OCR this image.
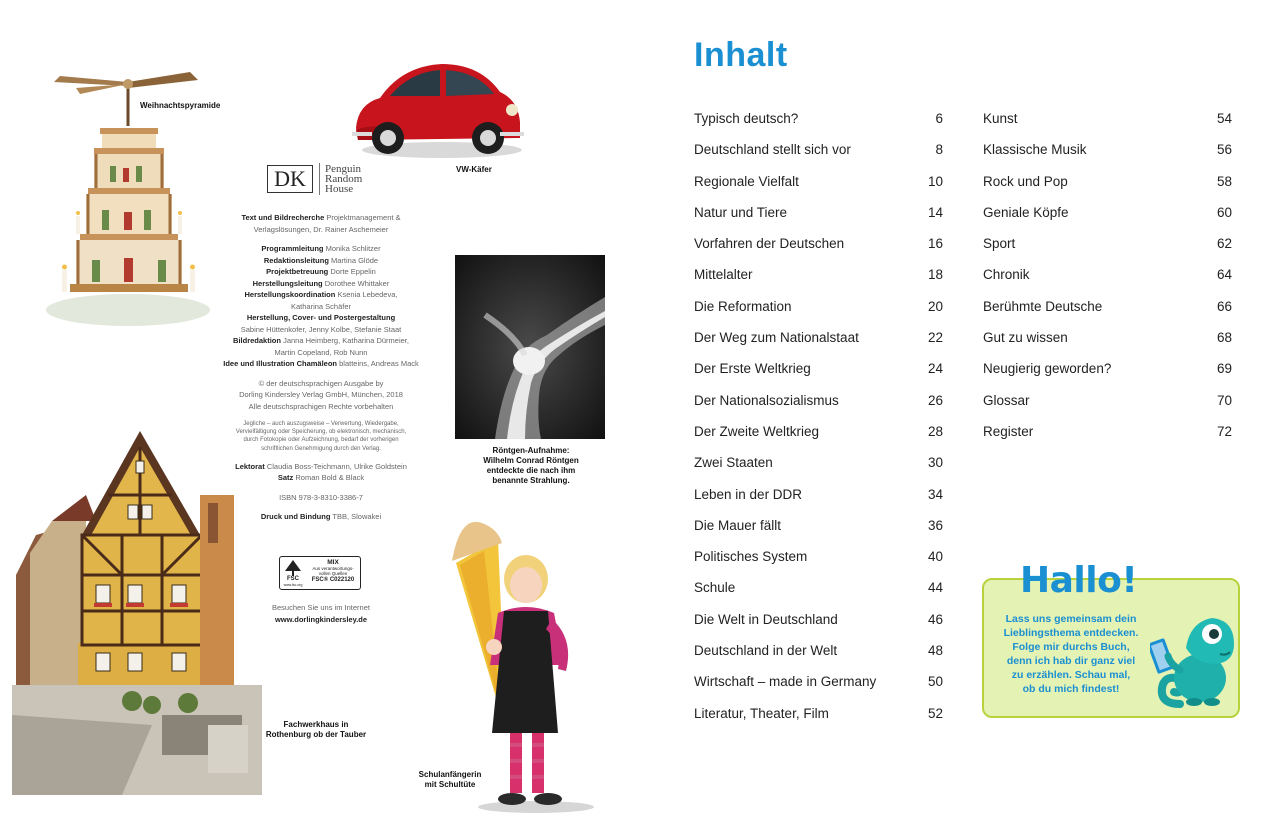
Weihnachtspyramide
VW-Käfer
DK	Penguin
Random
House

Text und Bildrecherche Projektmanagement &

Verlagslösungen, Dr. Rainer Aschemeier

Programmleitung Monika Schlitzer

Redaktionsleitung Martina Glöde

Projektbetreuung Dorte Eppelin

Herstellungsleitung Dorothee Whittaker

Herstellungskoordination Ksenia Lebedeva,

Katharina Schäfer

Herstellung, Cover- und Postergestaltung

Sabine Hüttenkofer, Jenny Kolbe, Stefanie Staat

Bildredaktion Janna Heimberg, Katharina Dürmeier,

Martin Copeland, Rob Nunn

Idee und Illustration Chamäleon blatteins, Andreas Mack

© der deutschsprachigen Ausgabe by

Dorling Kindersley Verlag GmbH, München, 2018

Alle deutschsprachigen Rechte vorbehalten

Jegliche – auch auszugsweise – Verwertung, Wiedergabe,

Vervielfältigung oder Speicherung, ob elektronisch, mechanisch,

durch Fotokopie oder Aufzeichnung, bedarf der vorherigen

schriftlichen Genehmigung durch den Verlag.

Lektorat Claudia Boss-Teichmann, Ulrike Goldstein

Satz Roman Bold & Black

ISBN 978-3-8310-3386-7

Druck und Bindung TBB, Slowakei

FSC
www.fsc.org
MIX
Aus verantwortungs-
vollen Quellen
FSC® C022120
Besuchen Sie uns im Internet
www.dorlingkindersley.de
Röntgen-Aufnahme:
Wilhelm Conrad Röntgen
entdeckte die nach ihm
benannte Strahlung.
Fachwerkhaus in
Rothenburg ob der Tauber
Schulanfängerin
mit Schultüte
Inhalt
Typisch deutsch?	6
Deutschland stellt sich vor	8
Regionale Vielfalt	10
Natur und Tiere	14
Vorfahren der Deutschen	16
Mittelalter	18
Die Reformation	20
Der Weg zum Nationalstaat	22
Der Erste Weltkrieg	24
Der Nationalsozialismus	26
Der Zweite Weltkrieg	28
Zwei Staaten	30
Leben in der DDR	34
Die Mauer fällt	36
Politisches System	40
Schule	44
Die Welt in Deutschland	46
Deutschland in der Welt	48
Wirtschaft – made in Germany	50
Literatur, Theater, Film	52
Kunst	54
Klassische Musik	56
Rock und Pop	58
Geniale Köpfe	60
Sport	62
Chronik	64
Berühmte Deutsche	66
Gut zu wissen	68
Neugierig geworden?	69
Glossar	70
Register	72
Hallo!

Lass uns gemeinsam dein

Lieblingsthema entdecken.

Folge mir durchs Buch,

denn ich hab dir ganz viel

zu erzählen. Schau mal,

ob du mich findest!
